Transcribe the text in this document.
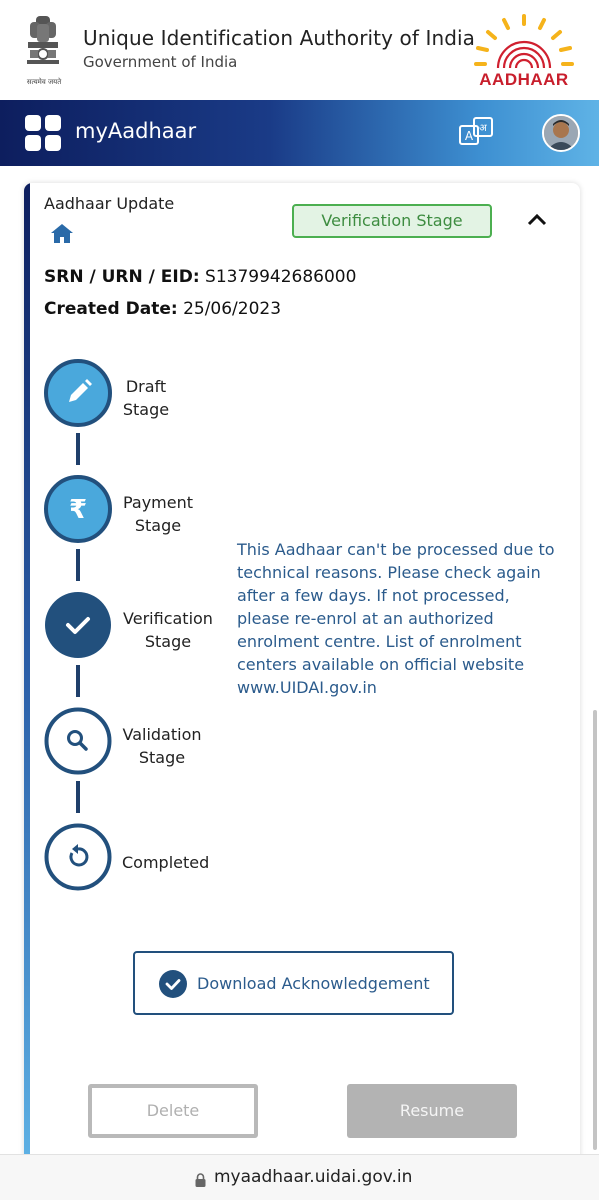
सत्यमेव जयते
Unique Identification Authority of India
Government of India
AADHAAR
myAadhaar	A
अ
Aadhaar Update
Verification Stage
SRN / URN / EID: S1379942686000
Created Date: 25/06/2023
Draft
Stage
₹	Payment
Stage
Verification
Stage
Validation
Stage
Completed
This Aadhaar can't be processed due to technical reasons. Please check again after a few days. If not processed, please re-enrol at an authorized enrolment centre. List of enrolment centers available on official website www.UIDAI.gov.in
Download Acknowledgement
Delete	Resume
myaadhaar.uidai.gov.in
